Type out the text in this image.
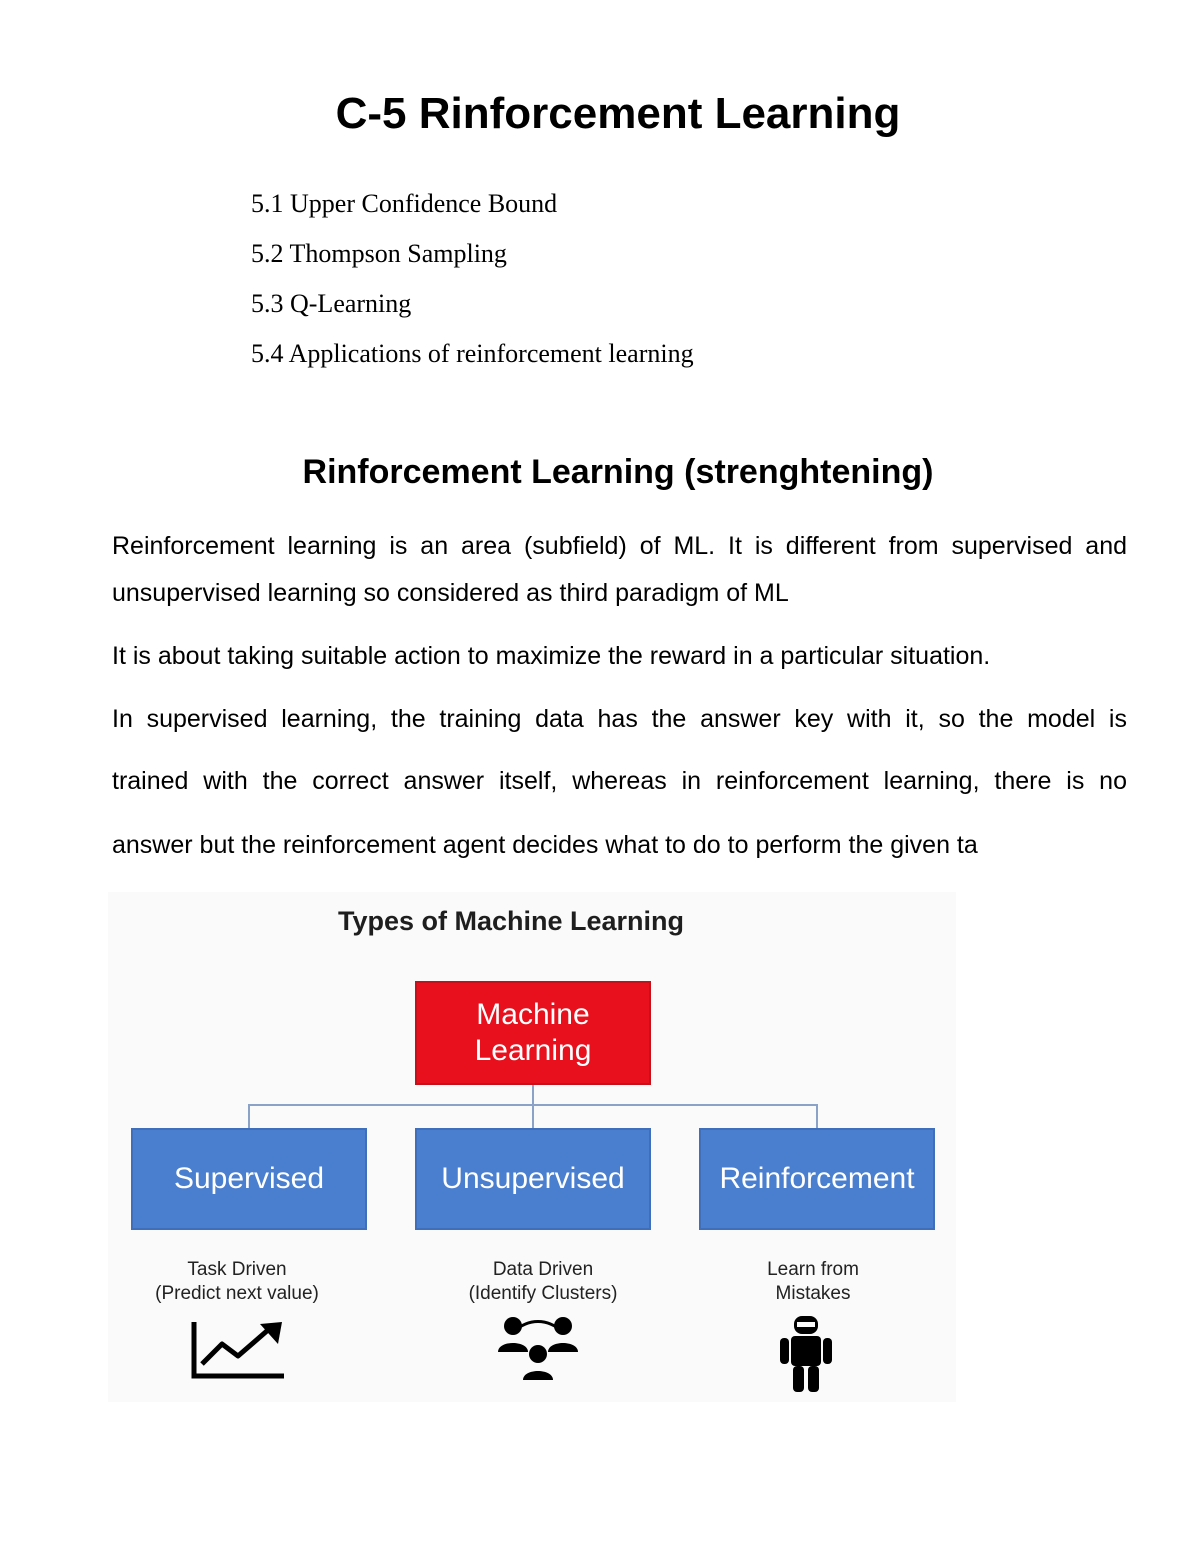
C-5 Rinforcement Learning
5.1 Upper Confidence Bound
5.2 Thompson Sampling
5.3 Q-Learning
5.4 Applications of reinforcement learning
Rinforcement Learning (strenghtening)
Reinforcement learning is an area (subfield) of ML. It is different from supervised and
unsupervised learning so considered as third paradigm of ML
It is about taking suitable action to maximize the reward in a particular situation.
In supervised learning, the training data has the answer key with it, so the model is
trained with the correct answer itself, whereas in reinforcement learning, there is no
answer but the reinforcement agent decides what to do to perform the given ta
Types of Machine Learning
Machine
Learning
Supervised	Unsupervised	Reinforcement
Task Driven
(Predict next value)
Data Driven
(Identify Clusters)
Learn from
Mistakes
